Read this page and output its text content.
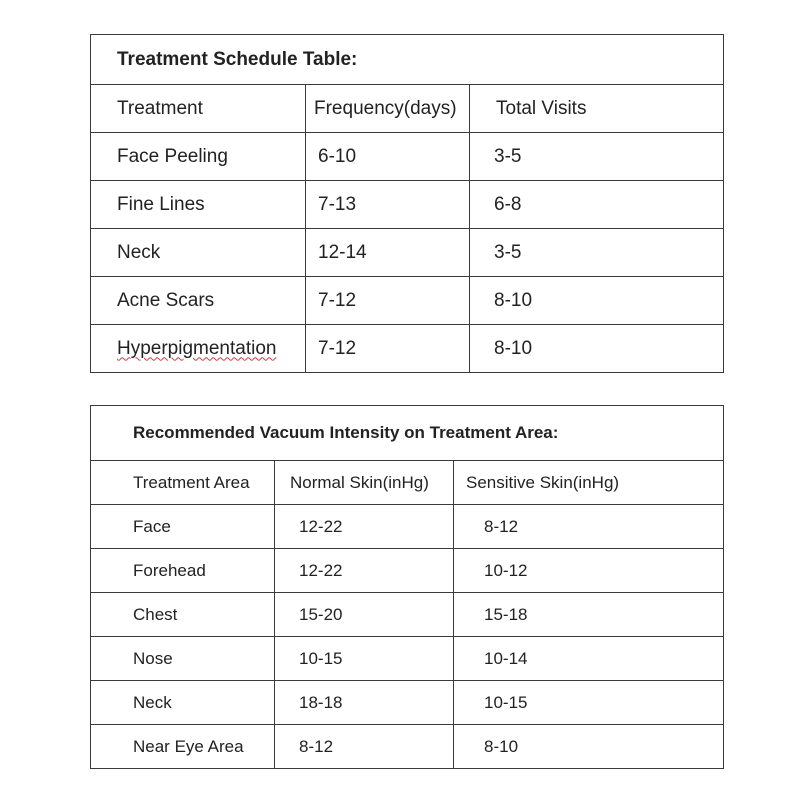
Treatment Schedule Table:		

Treatment	Frequency(days)	Total Visits

Face Peeling	6-10	3-5

Fine Lines	7-13	6-8

Neck	12-14	3-5

Acne Scars	7-12	8-10

Hyperpigmentation	7-12	8-10
Recommended Vacuum Intensity on Treatment Area:		

Treatment Area	Normal Skin(inHg)	Sensitive Skin(inHg)

Face	12-22	8-12

Forehead	12-22	10-12

Chest	15-20	15-18

Nose	10-15	10-14

Neck	18-18	10-15

Near Eye Area	8-12	8-10
